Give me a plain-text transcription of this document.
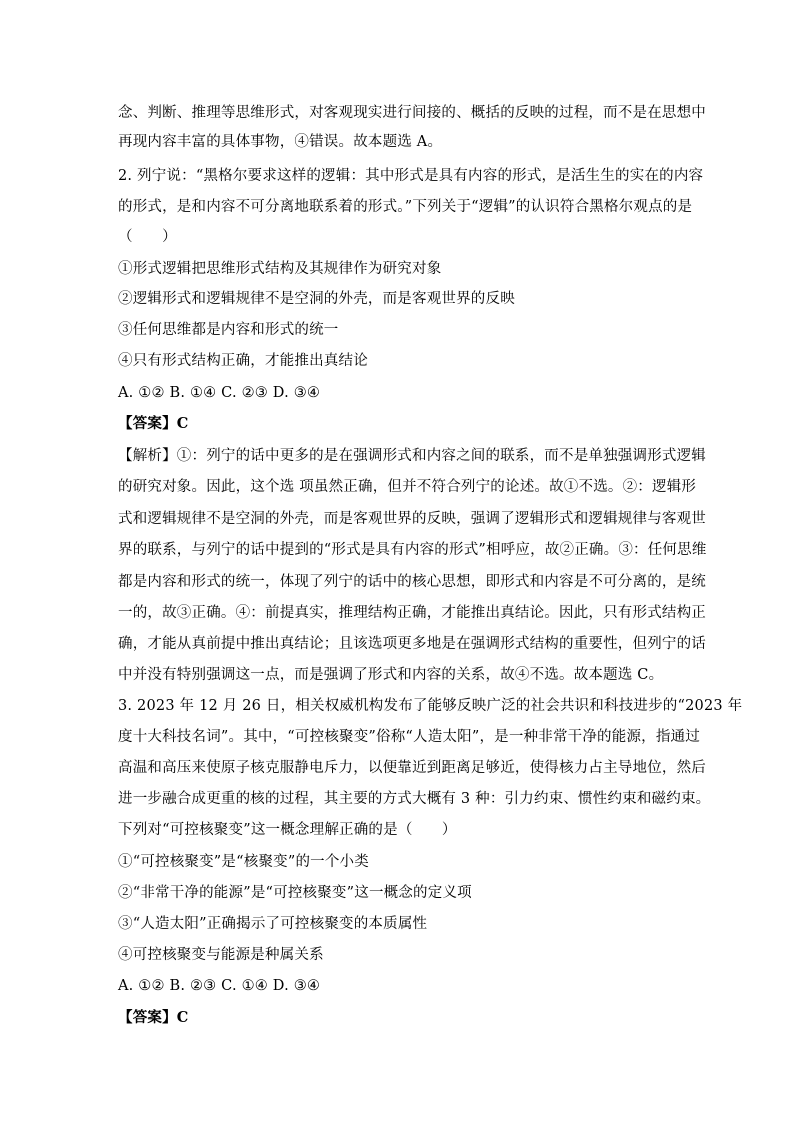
念、判断、推理等思维形式，对客观现实进行间接的、概括的反映的过程，而不是在思想中
再现内容丰富的具体事物，④错误。故本题选 A。
2. 列宁说：“黑格尔要求这样的逻辑：其中形式是具有内容的形式，是活生生的实在的内容
的形式，是和内容不可分离地联系着的形式。”下列关于“逻辑”的认识符合黑格尔观点的是
（　　）
①形式逻辑把思维形式结构及其规律作为研究对象
②逻辑形式和逻辑规律不是空洞的外壳，而是客观世界的反映
③任何思维都是内容和形式的统一
④只有形式结构正确，才能推出真结论
A. ①② B. ①④ C. ②③ D. ③④
【答案】C
【解析】①：列宁的话中更多的是在强调形式和内容之间的联系，而不是单独强调形式逻辑
的研究对象。因此，这个选 项虽然正确，但并不符合列宁的论述。故①不选。②：逻辑形
式和逻辑规律不是空洞的外壳，而是客观世界的反映，强调了逻辑形式和逻辑规律与客观世
界的联系，与列宁的话中提到的“形式是具有内容的形式”相呼应，故②正确。③：任何思维
都是内容和形式的统一，体现了列宁的话中的核心思想，即形式和内容是不可分离的，是统
一的，故③正确。④：前提真实，推理结构正确，才能推出真结论。因此，只有形式结构正
确，才能从真前提中推出真结论；且该选项更多地是在强调形式结构的重要性，但列宁的话
中并没有特别强调这一点，而是强调了形式和内容的关系，故④不选。故本题选 C。
3. 2023 年 12 月 26 日，相关权威机构发布了能够反映广泛的社会共识和科技进步的“2023 年
度十大科技名词”。其中，“可控核聚变”俗称“人造太阳”，是一种非常干净的能源，指通过
高温和高压来使原子核克服静电斥力，以便靠近到距离足够近，使得核力占主导地位，然后
进一步融合成更重的核的过程，其主要的方式大概有 3 种：引力约束、惯性约束和磁约束。
下列对“可控核聚变”这一概念理解正确的是（　　）
①“可控核聚变”是“核聚变”的一个小类
②“非常干净的能源”是“可控核聚变”这一概念的定义项
③“人造太阳”正确揭示了可控核聚变的本质属性
④可控核聚变与能源是种属关系
A. ①② B. ②③ C. ①④ D. ③④
【答案】C
